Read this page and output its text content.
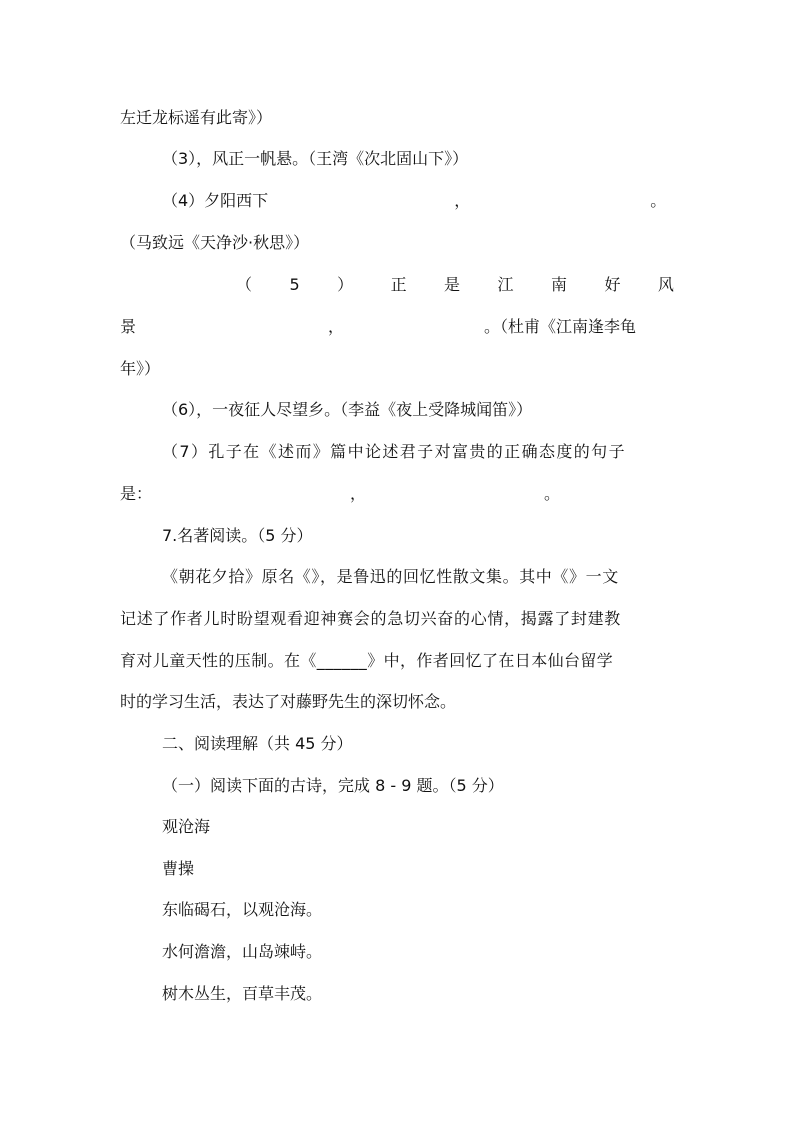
左迁龙标遥有此寄》）
（3），风正一帆悬。（王湾《次北固山下》）
（4）夕阳西下	，	。
（马致远《天净沙·秋思》）
（ 5 ） 正 是 江 南 好 风
景	，	。（杜甫《江南逢李龟
年》）
（6），一夜征人尽望乡。（李益《夜上受降城闻笛》）
（7）孔子在《述而》篇中论述君子对富贵的正确态度的句子
是：	，	。
7.名著阅读。（5 分）
《朝花夕拾》原名《》，是鲁迅的回忆性散文集。其中《》一文
记述了作者儿时盼望观看迎神赛会的急切兴奋的心情，揭露了封建教
育对儿童天性的压制。在《______》中，作者回忆了在日本仙台留学
时的学习生活，表达了对藤野先生的深切怀念。
二、阅读理解（共 45 分）
（一）阅读下面的古诗，完成 8 - 9 题。（5 分）
观沧海
曹操
东临碣石，以观沧海。
水何澹澹，山岛竦峙。
树木丛生，百草丰茂。
